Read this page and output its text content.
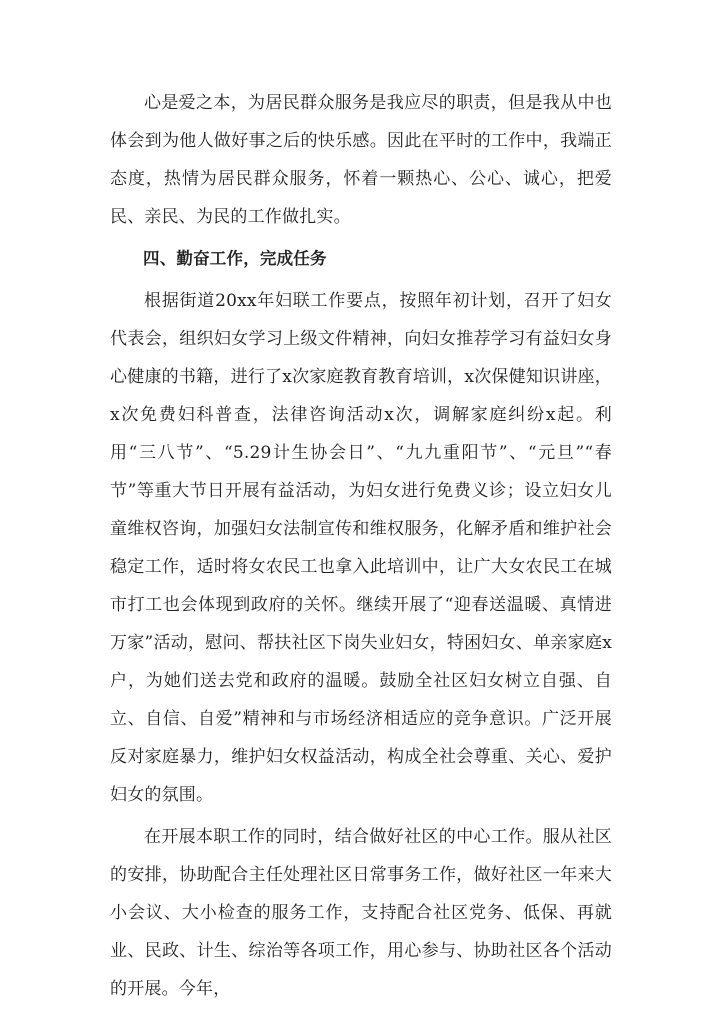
心是爱之本，为居民群众服务是我应尽的职责，但是我从中也体会到为他人做好事之后的快乐感。因此在平时的工作中，我端正态度，热情为居民群众服务，怀着一颗热心、公心、诚心，把爱民、亲民、为民的工作做扎实。

四、勤奋工作，完成任务

根据街道20xx年妇联工作要点，按照年初计划，召开了妇女代表会，组织妇女学习上级文件精神，向妇女推荐学习有益妇女身心健康的书籍，进行了x次家庭教育教育培训，x次保健知识讲座，x次免费妇科普查，法律咨询活动x次，调解家庭纠纷x起。利用“三八节”、“5.29计生协会日”、“九九重阳节”、“元旦”“春节”等重大节日开展有益活动，为妇女进行免费义诊；设立妇女儿童维权咨询，加强妇女法制宣传和维权服务，化解矛盾和维护社会稳定工作，适时将女农民工也拿入此培训中，让广大女农民工在城市打工也会体现到政府的关怀。继续开展了“迎春送温暖、真情进万家”活动，慰问、帮扶社区下岗失业妇女，特困妇女、单亲家庭x户，为她们送去党和政府的温暖。鼓励全社区妇女树立自强、自立、自信、自爱”精神和与市场经济相适应的竞争意识。广泛开展反对家庭暴力，维护妇女权益活动，构成全社会尊重、关心、爱护妇女的氛围。

在开展本职工作的同时，结合做好社区的中心工作。服从社区的安排，协助配合主任处理社区日常事务工作，做好社区一年来大小会议、大小检查的服务工作，支持配合社区党务、低保、再就业、民政、计生、综治等各项工作，用心参与、协助社区各个活动的开展。今年，
